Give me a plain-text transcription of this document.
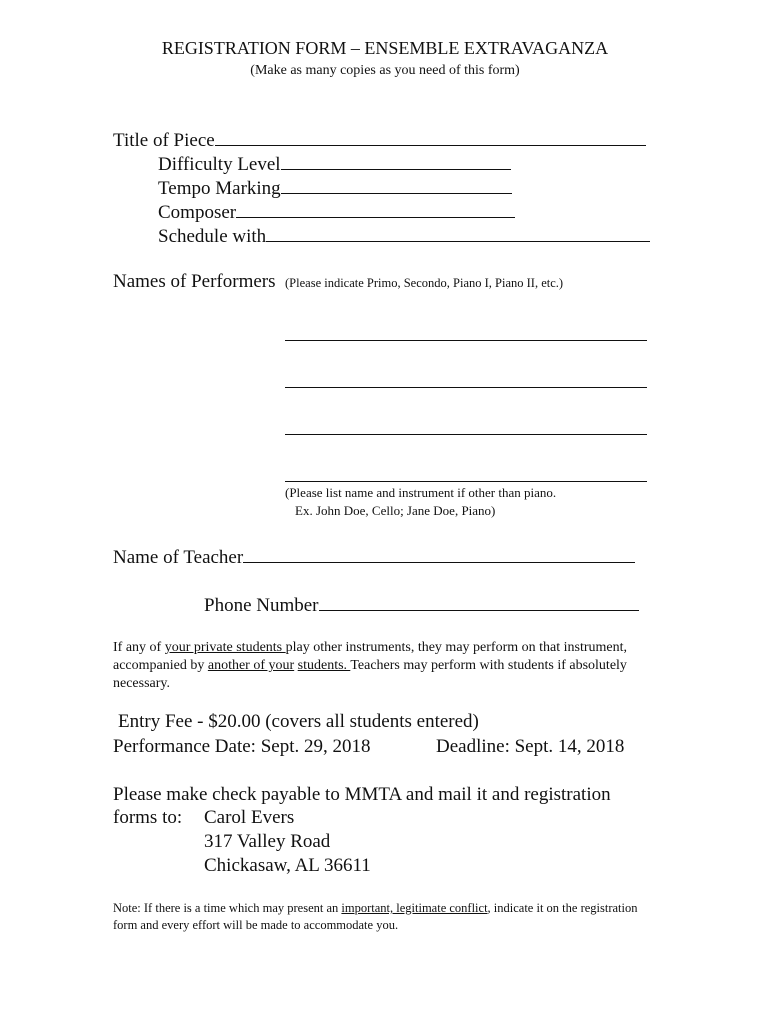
REGISTRATION FORM – ENSEMBLE EXTRAVAGANZA
(Make as many copies as you need of this form)
Title of Piece
Difficulty Level
Tempo Marking
Composer
Schedule with
Names of Performers (Please indicate Primo, Secondo, Piano I, Piano II, etc.)
(Please list name and instrument if other than piano.
Ex. John Doe, Cello; Jane Doe, Piano)
Name of Teacher
Phone Number
If any of your private students play other instruments, they may perform on that instrument, accompanied by another of your students. Teachers may perform with students if absolutely necessary.
Entry Fee - $20.00 (covers all students entered)
Performance Date: Sept. 29, 2018	Deadline: Sept. 14, 2018
Please make check payable to MMTA and mail it and registration
forms to: Carol Evers
317 Valley Road
Chickasaw, AL 36611
Note: If there is a time which may present an important, legitimate conflict, indicate it on the registration form and every effort will be made to accommodate you.
